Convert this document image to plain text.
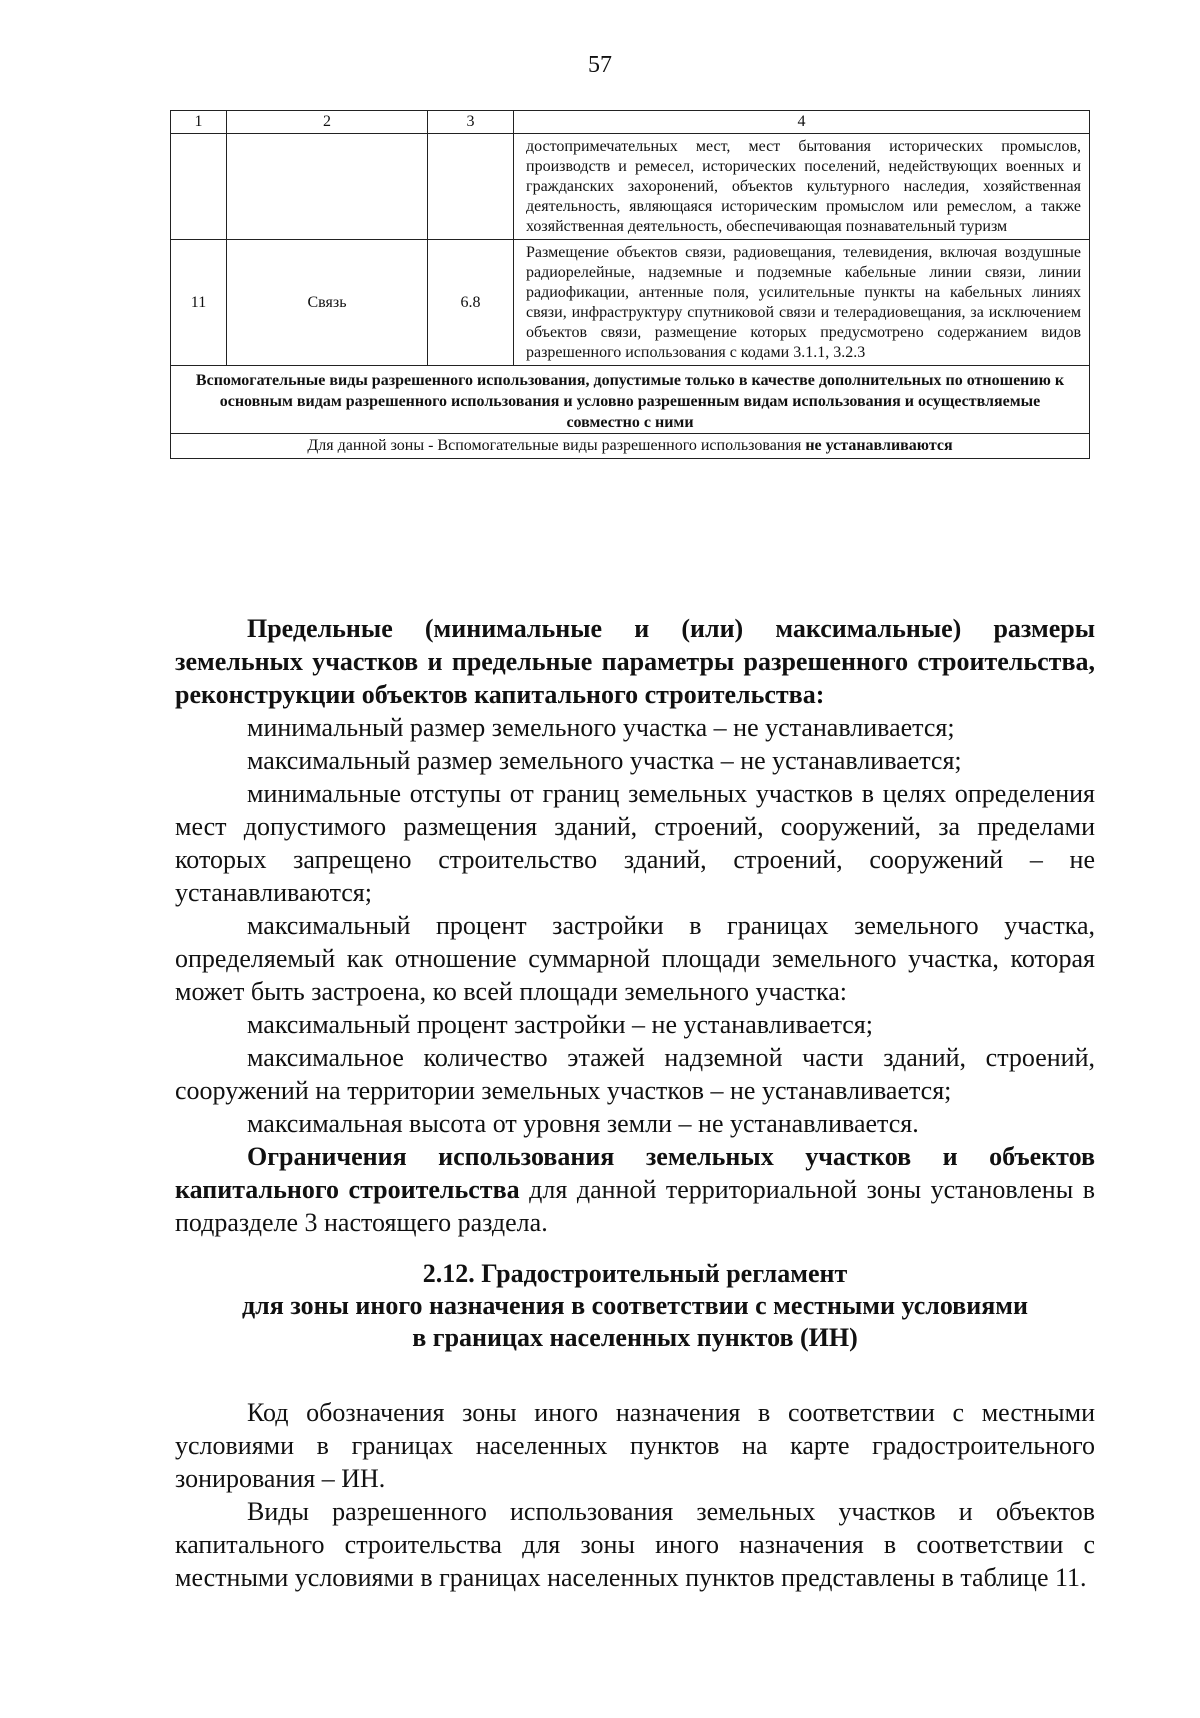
57
1	2	3	4
			достопримечательных мест, мест бытования исторических промыслов, производств и ремесел, исторических поселений, недействующих военных и гражданских захоронений, объектов культурного наследия, хозяйственная деятельность, являющаяся историческим промыслом или ремеслом, а также хозяйственная деятельность, обеспечивающая познавательный туризм
11	Связь	6.8	Размещение объектов связи, радиовещания, телевидения, включая воздушные радиорелейные, надземные и подземные кабельные линии связи, линии радиофикации, антенные поля, усилительные пункты на кабельных линиях связи, инфраструктуру спутниковой связи и телерадиовещания, за исключением объектов связи, размещение которых предусмотрено содержанием видов разрешенного использования с кодами 3.1.1, 3.2.3
Вспомогательные виды разрешенного использования, допустимые только в качестве дополнительных по отношению к основным видам разрешенного использования и условно разрешенным видам использования и осуществляемые совместно с ними			
Для данной зоны - Вспомогательные виды разрешенного использования не устанавливаются			

Предельные (минимальные и (или) максимальные) размеры земельных участков и предельные параметры разрешенного строительства, реконструкции объектов капитального строительства:

минимальный размер земельного участка – не устанавливается;

максимальный размер земельного участка – не устанавливается;

минимальные отступы от границ земельных участков в целях определения мест допустимого размещения зданий, строений, сооружений, за пределами которых запрещено строительство зданий, строений, сооружений – не устанавливаются;

максимальный процент застройки в границах земельного участка, определяемый как отношение суммарной площади земельного участка, которая может быть застроена, ко всей площади земельного участка:

максимальный процент застройки – не устанавливается;

максимальное количество этажей надземной части зданий, строений, сооружений на территории земельных участков – не устанавливается;

максимальная высота от уровня земли – не устанавливается.

Ограничения использования земельных участков и объектов капитального строительства для данной территориальной зоны установлены в подразделе 3 настоящего раздела.

2.12. Градостроительный регламент
для зоны иного назначения в соответствии с местными условиями
в границах населенных пунктов (ИН)

Код обозначения зоны иного назначения в соответствии с местными условиями в границах населенных пунктов на карте градостроительного зонирования – ИН.

Виды разрешенного использования земельных участков и объектов капитального строительства для зоны иного назначения в соответствии с местными условиями в границах населенных пунктов представлены в таблице 11.
